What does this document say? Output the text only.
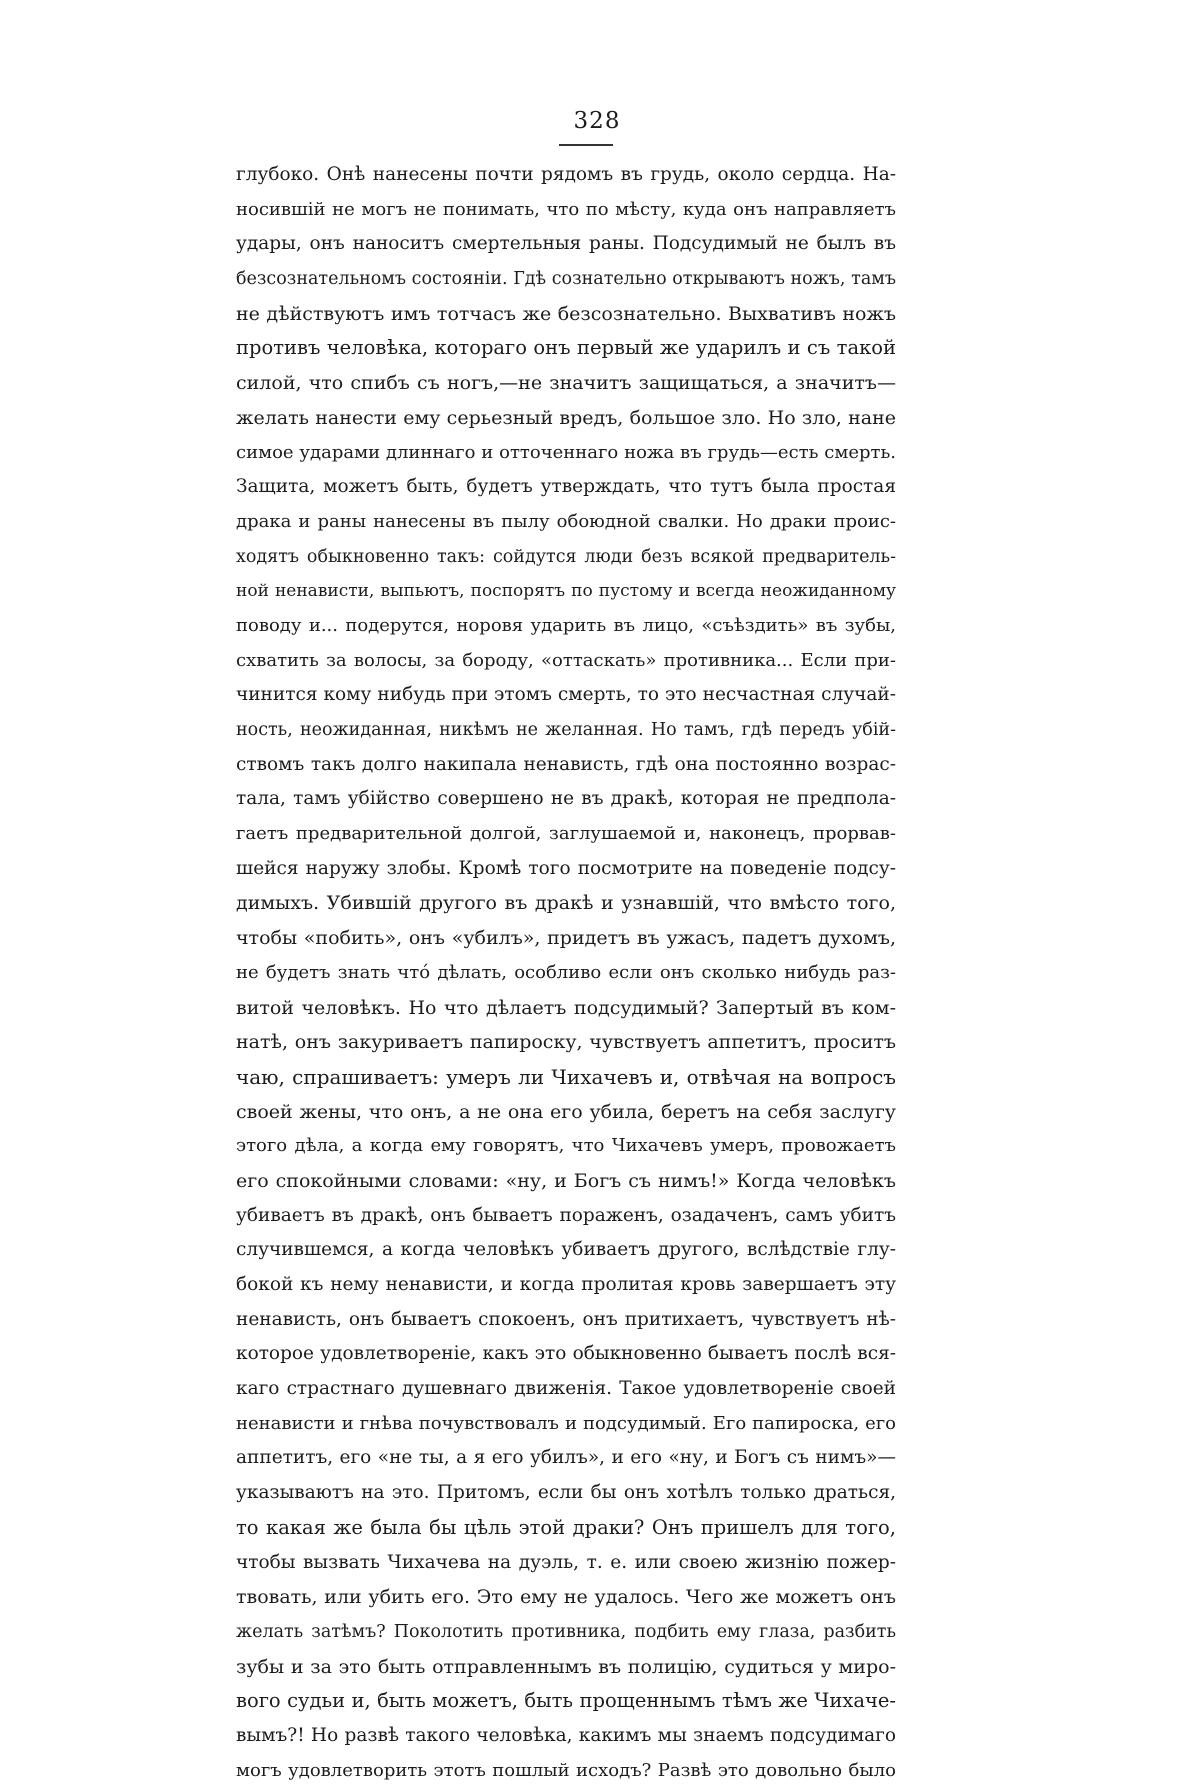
328
глубоко. Онѣ нанесены почти рядомъ въ грудь, около сердца. На-
носившій не могъ не понимать, что по мѣсту, куда онъ направляетъ
удары, онъ наноситъ смертельныя раны. Подсудимый не былъ въ
безсознательномъ состояніи. Гдѣ сознательно открываютъ ножъ, тамъ
не дѣйствуютъ имъ тотчасъ же безсознательно. Выхвативъ ножъ
противъ человѣка, котораго онъ первый же ударилъ и съ такой
силой, что спибъ съ ногъ,—не значитъ защищаться, а значитъ—
желать нанести ему серьезный вредъ, большое зло. Но зло, нане
симое ударами длиннаго и отточеннаго ножа въ грудь—есть смерть.
Защита, можетъ быть, будетъ утверждать, что тутъ была простая
драка и раны нанесены въ пылу обоюдной свалки. Но драки проис-
ходятъ обыкновенно такъ: сойдутся люди безъ всякой предваритель-
ной ненависти, выпьютъ, поспорятъ по пустому и всегда неожиданному
поводу и... подерутся, норовя ударить въ лицо, «съѣздить» въ зубы,
схватить за волосы, за бороду, «оттаскать» противника... Если при-
чинится кому нибудь при этомъ смерть, то это несчастная случай-
ность, неожиданная, никѣмъ не желанная. Но тамъ, гдѣ передъ убій-
ствомъ такъ долго накипала ненависть, гдѣ она постоянно возрас-
тала, тамъ убійство совершено не въ дракѣ, которая не предпола-
гаетъ предварительной долгой, заглушаемой и, наконецъ, прорвав-
шейся наружу злобы. Кромѣ того посмотрите на поведеніе подсу-
димыхъ. Убившій другого въ дракѣ и узнавшій, что вмѣсто того,
чтобы «побить», онъ «убилъ», придетъ въ ужасъ, падетъ духомъ,
не будетъ знать что́ дѣлать, особливо если онъ сколько нибудь раз-
витой человѣкъ. Но что дѣлаетъ подсудимый? Запертый въ ком-
натѣ, онъ закуриваетъ папироску, чувствуетъ аппетитъ, проситъ
чаю, спрашиваетъ: умеръ ли Чихачевъ и, отвѣчая на вопросъ
своей жены, что онъ, а не она его убила, беретъ на себя заслугу
этого дѣла, а когда ему говорятъ, что Чихачевъ умеръ, провожаетъ
его спокойными словами: «ну, и Богъ съ нимъ!» Когда человѣкъ
убиваетъ въ дракѣ, онъ бываетъ пораженъ, озадаченъ, самъ убитъ
случившемся, а когда человѣкъ убиваетъ другого, вслѣдствіе глу-
бокой къ нему ненависти, и когда пролитая кровь завершаетъ эту
ненависть, онъ бываетъ спокоенъ, онъ притихаетъ, чувствуетъ нѣ-
которое удовлетвореніе, какъ это обыкновенно бываетъ послѣ вся-
каго страстнаго душевнаго движенія. Такое удовлетвореніе своей
ненависти и гнѣва почувствовалъ и подсудимый. Его папироска, его
аппетитъ, его «не ты, а я его убилъ», и его «ну, и Богъ съ нимъ»—
указываютъ на это. Притомъ, если бы онъ хотѣлъ только драться,
то какая же была бы цѣль этой драки? Онъ пришелъ для того,
чтобы вызвать Чихачева на дуэль, т. е. или своею жизнію пожер-
твовать, или убить его. Это ему не удалось. Чего же можетъ онъ
желать затѣмъ? Поколотить противника, подбить ему глаза, разбить
зубы и за это быть отправленнымъ въ полицію, судиться у миро-
вого судьи и, быть можетъ, быть прощеннымъ тѣмъ же Чихаче-
вымъ?! Но развѣ такого человѣка, какимъ мы знаемъ подсудимаго
могъ удовлетворить этотъ пошлый исходъ? Развѣ это довольно было
